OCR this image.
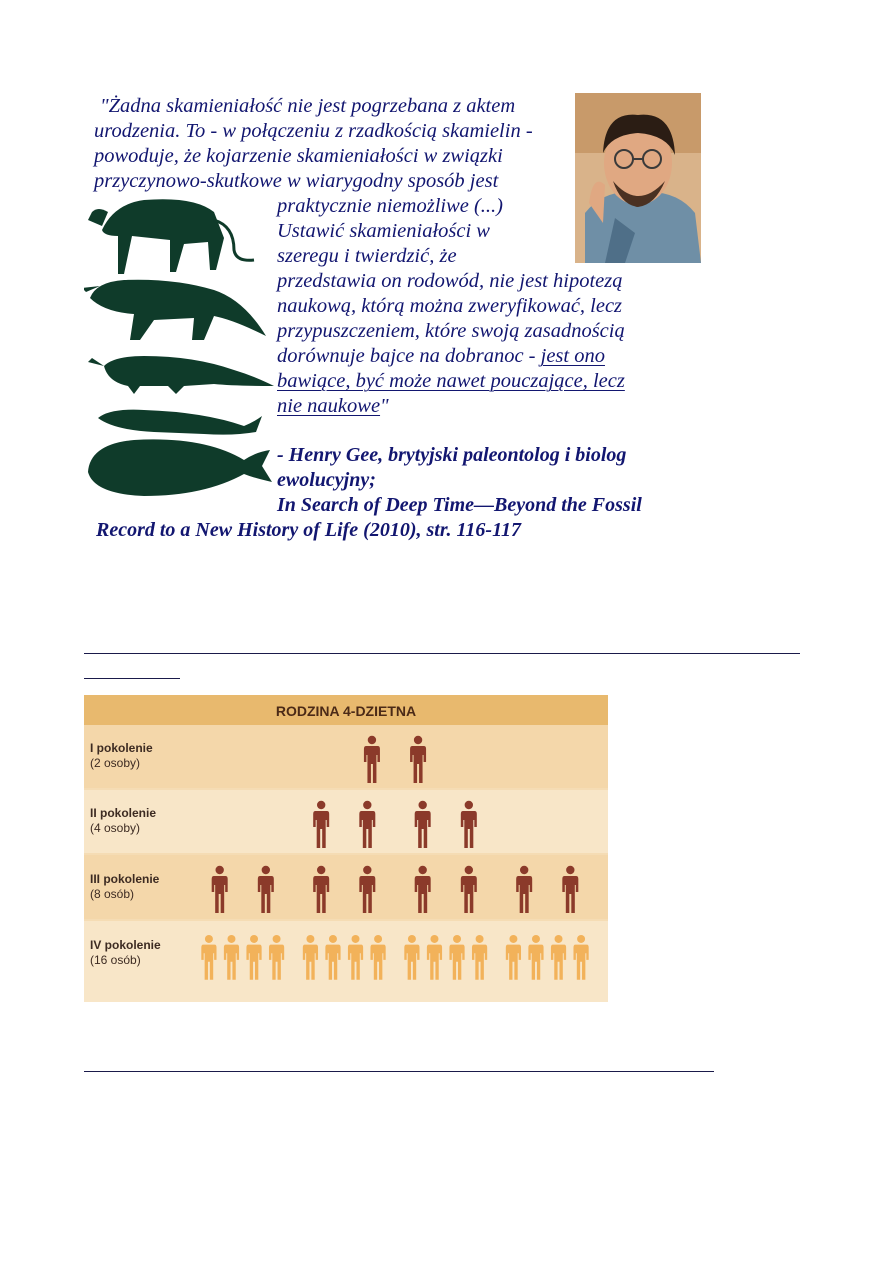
"Żadna skamieniałość nie jest pogrzebana z aktem
urodzenia. To - w połączeniu z rzadkością skamielin -
powoduje, że kojarzenie skamieniałości w związki
przyczynowo-skutkowe w wiarygodny sposób jest
praktycznie niemożliwe (...)
Ustawić skamieniałości w
szeregu i twierdzić, że
przedstawia on rodowód, nie jest hipotezą
naukową, którą można zweryfikować, lecz
przypuszczeniem, które swoją zasadnością
dorównuje bajce na dobranoc - jest ono
bawiące, być może nawet pouczające, lecz
nie naukowe"
- Henry Gee, brytyjski paleontolog i biolog
ewolucyjny;
In Search of Deep Time—Beyond the Fossil
Record to a New History of Life (2010), str. 116-117
RODZINA 4-DZIETNA
I pokolenie
(2 osoby)
II pokolenie
(4 osoby)
III pokolenie
(8 osób)
IV pokolenie
(16 osób)
